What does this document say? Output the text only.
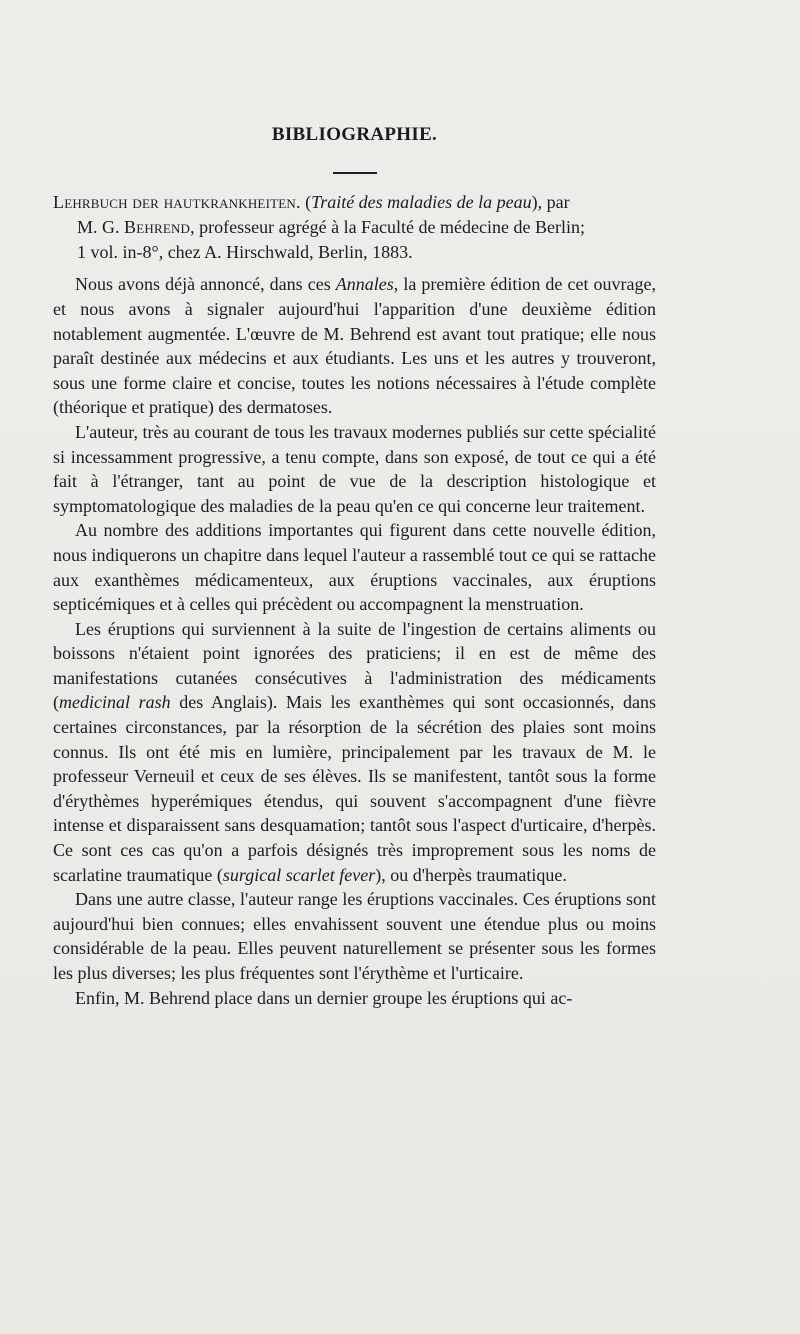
BIBLIOGRAPHIE.
Lehrbuch der hautkrankheiten. (Traité des maladies de la peau), par
M. G. Behrend, professeur agrégé à la Faculté de médecine de Berlin;
1 vol. in-8°, chez A. Hirschwald, Berlin, 1883.

Nous avons déjà annoncé, dans ces Annales, la première édition de cet ouvrage, et nous avons à signaler aujourd'hui l'apparition d'une deuxième édition notablement augmentée. L'œuvre de M. Behrend est avant tout pratique; elle nous paraît destinée aux médecins et aux étudiants. Les uns et les autres y trouveront, sous une forme claire et concise, toutes les notions nécessaires à l'étude complète (théorique et pratique) des dermatoses.

L'auteur, très au courant de tous les travaux modernes publiés sur cette spécialité si incessamment progressive, a tenu compte, dans son exposé, de tout ce qui a été fait à l'étranger, tant au point de vue de la description histologique et symptomatologique des maladies de la peau qu'en ce qui concerne leur traitement.

Au nombre des additions importantes qui figurent dans cette nouvelle édition, nous indiquerons un chapitre dans lequel l'auteur a rassemblé tout ce qui se rattache aux exanthèmes médicamenteux, aux éruptions vaccinales, aux éruptions septicémiques et à celles qui précèdent ou accompagnent la menstruation.

Les éruptions qui surviennent à la suite de l'ingestion de certains aliments ou boissons n'étaient point ignorées des praticiens; il en est de même des manifestations cutanées consécutives à l'administration des médicaments (medicinal rash des Anglais). Mais les exanthèmes qui sont occasionnés, dans certaines circonstances, par la résorption de la sécrétion des plaies sont moins connus. Ils ont été mis en lumière, principalement par les travaux de M. le professeur Verneuil et ceux de ses élèves. Ils se manifestent, tantôt sous la forme d'érythèmes hyperémiques étendus, qui souvent s'accompagnent d'une fièvre intense et disparaissent sans desquamation; tantôt sous l'aspect d'urticaire, d'herpès. Ce sont ces cas qu'on a parfois désignés très improprement sous les noms de scarlatine traumatique (surgical scarlet fever), ou d'herpès traumatique.

Dans une autre classe, l'auteur range les éruptions vaccinales. Ces éruptions sont aujourd'hui bien connues; elles envahissent souvent une étendue plus ou moins considérable de la peau. Elles peuvent naturellement se présenter sous les formes les plus diverses; les plus fréquentes sont l'érythème et l'urticaire.

Enfin, M. Behrend place dans un dernier groupe les éruptions qui ac-
